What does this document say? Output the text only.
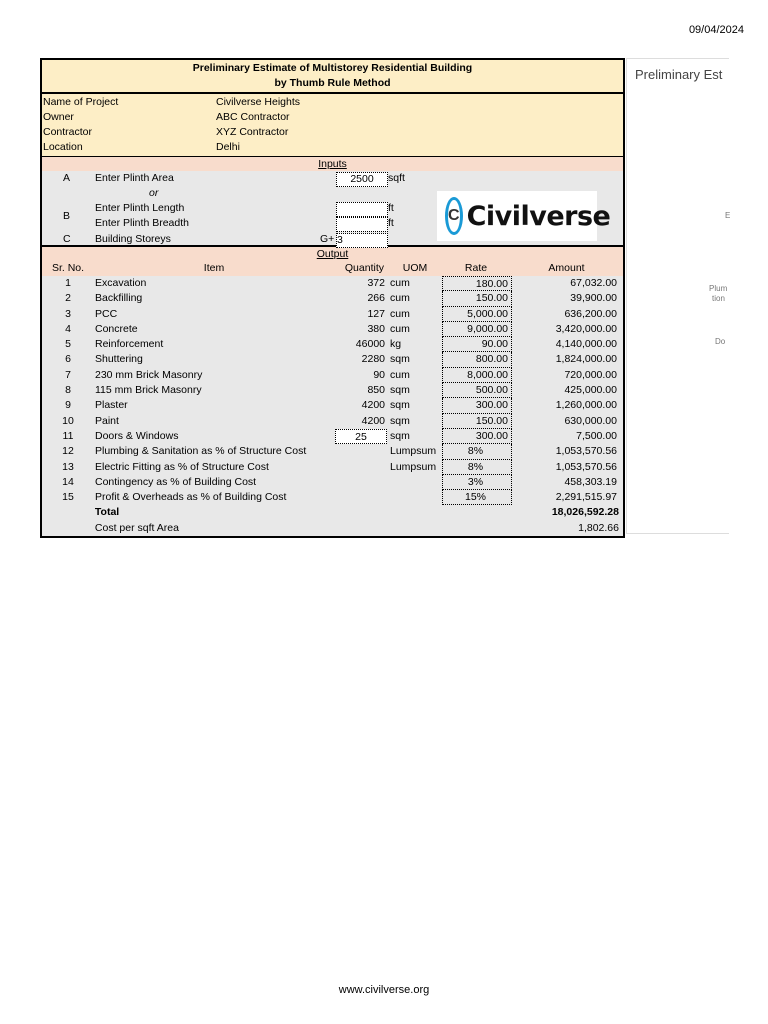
09/04/2024
Preliminary Estimate of Multistorey Residential Building
by Thumb Rule Method
Name of Project	Civilverse Heights
Owner	ABC Contractor
Contractor	XYZ Contractor
Location	Delhi
Inputs
A Enter Plinth Area	2500	sqft
or
B
Enter Plinth Length	ft
Enter Plinth Breadth	ft
C Building Storeys	G+ 3
C Civilverse
Output
Sr. No.	Item	Quantity	UOM	Rate	Amount
1	Excavation	372 cum	180.00	67,032.00
2	Backfilling	266 cum	150.00	39,900.00
3	PCC	127 cum	5,000.00	636,200.00
4	Concrete	380 cum	9,000.00	3,420,000.00
5	Reinforcement	46000 kg	90.00	4,140,000.00
6	Shuttering	2280 sqm	800.00	1,824,000.00
7	230 mm Brick Masonry	90 cum	8,000.00	720,000.00
8	115 mm Brick Masonry	850 sqm	500.00	425,000.00
9	Plaster	4200 sqm	300.00	1,260,000.00
10	Paint	4200 sqm	150.00	630,000.00
11	Doors & Windows	25	sqm	300.00	7,500.00
12	Plumbing & Sanitation as % of Structure Cost	Lumpsum	8%	1,053,570.56
13	Electric Fitting as % of Structure Cost	Lumpsum	8%	1,053,570.56
14	Contingency as % of Building Cost	3%	458,303.19
15	Profit & Overheads as % of Building Cost	15%	2,291,515.97
Total	18,026,592.28
Cost per sqft Area	1,802.66
Preliminary Est
E
Plum
tion
Do
www.civilverse.org
